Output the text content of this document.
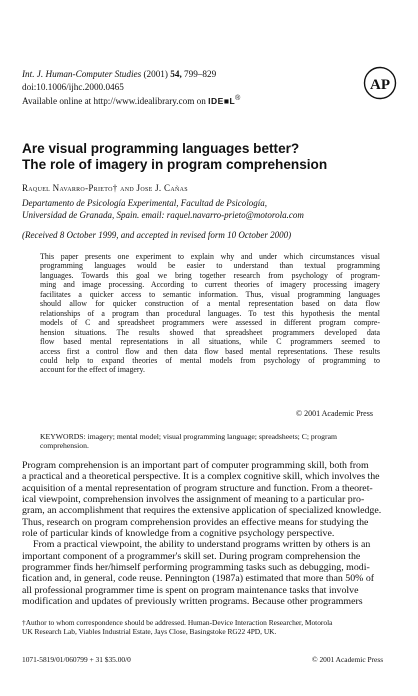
Int. J. Human-Computer Studies (2001) 54, 799–829
doi:10.1006/ijhc.2000.0465
Available online at http://www.idealibrary.com on IDE■L®
AP
Are visual programming languages better?
The role of imagery in program comprehension
Raquel Navarro-Prieto† and Jose J. Cañas
Departamento de Psicología Experimental, Facultad de Psicología,
Universidad de Granada, Spain. email: raquel.navarro-prieto@motorola.com
(Received 8 October 1999, and accepted in revised form 10 October 2000)
This paper presents one experiment to explain why and under which circumstances visual
programming languages would be easier to understand than textual programming
languages. Towards this goal we bring together research from psychology of program-
ming and image processing. According to current theories of imagery processing imagery
facilitates a quicker access to semantic information. Thus, visual programming languages
should allow for quicker construction of a mental representation based on data flow
relationships of a program than procedural languages. To test this hypothesis the mental
models of C and spreadsheet programmers were assessed in different program compre-
hension situations. The results showed that spreadsheet programmers developed data
flow based mental representations in all situations, while C programmers seemed to
access first a control flow and then data flow based mental representations. These results
could help to expand theories of mental models from psychology of programming to
account for the effect of imagery.
© 2001 Academic Press
KEYWORDS: imagery; mental model; visual programming language; spreadsheets; C; program
comprehension.
Program comprehension is an important part of computer programming skill, both from
a practical and a theoretical perspective. It is a complex cognitive skill, which involves the
acquisition of a mental representation of program structure and function. From a theoret-
ical viewpoint, comprehension involves the assignment of meaning to a particular pro-
gram, an accomplishment that requires the extensive application of specialized knowledge.
Thus, research on program comprehension provides an effective means for studying the
role of particular kinds of knowledge from a cognitive psychology perspective.
From a practical viewpoint, the ability to understand programs written by others is an
important component of a programmer's skill set. During program comprehension the
programmer finds her/himself performing programming tasks such as debugging, modi-
fication and, in general, code reuse. Pennington (1987a) estimated that more than 50% of
all professional programmer time is spent on program maintenance tasks that involve
modification and updates of previously written programs. Because other programmers
†Author to whom correspondence should be addressed. Human-Device Interaction Researcher, Motorola
UK Research Lab, Viables Industrial Estate, Jays Close, Basingstoke RG22 4PD, UK.
1071-5819/01/060799 + 31 $35.00/0	© 2001 Academic Press
